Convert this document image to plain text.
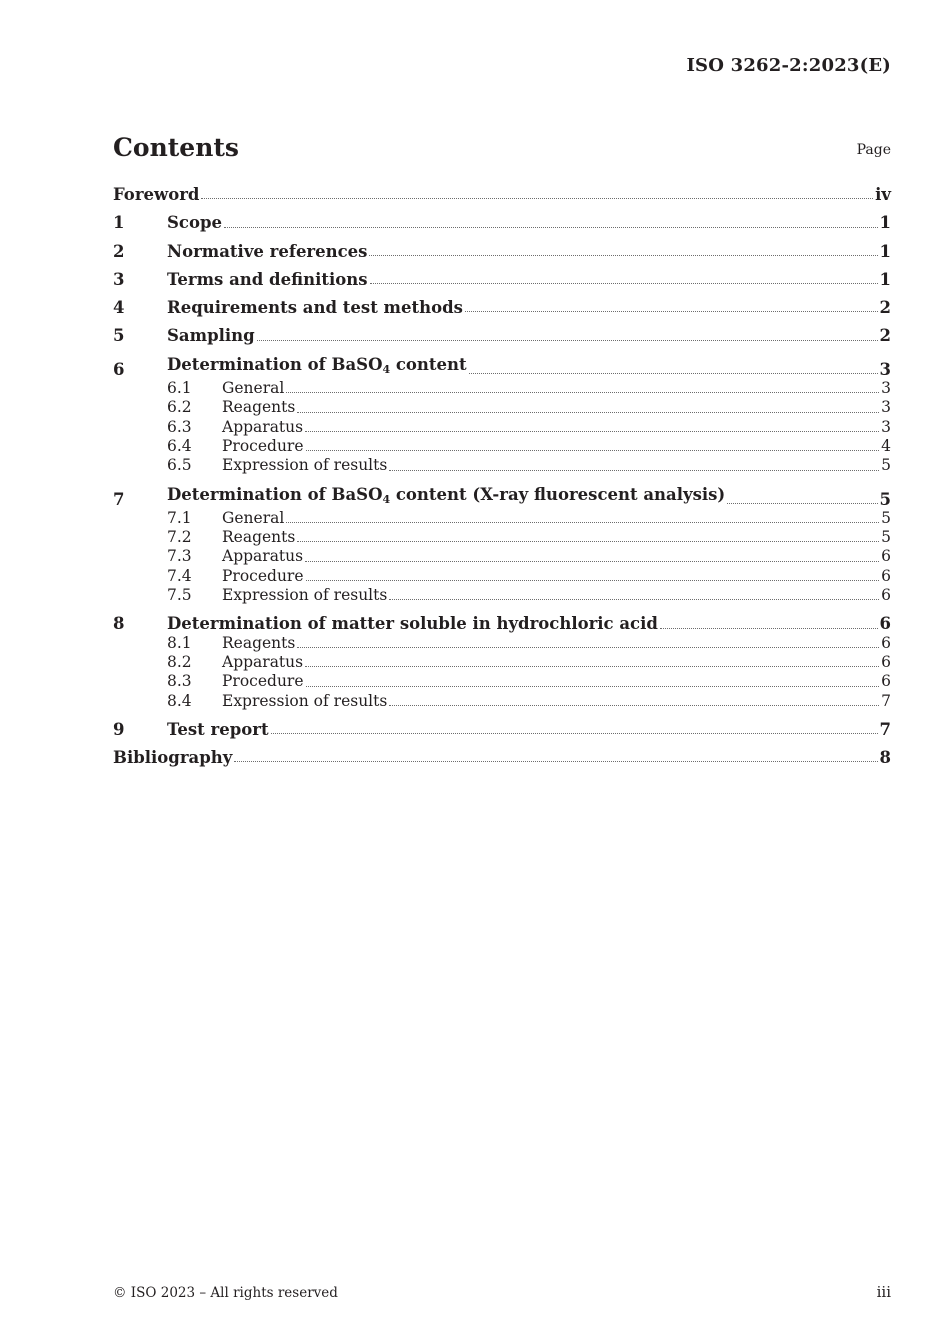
ISO 3262-2:2023(E)
Contents	Page
Foreword	iv
1	Scope	1
2	Normative references	1
3	Terms and definitions	1
4	Requirements and test methods	2
5	Sampling	2
6	Determination of BaSO$_4$ content	3
6.1	General	3
6.2	Reagents	3
6.3	Apparatus	3
6.4	Procedure	4
6.5	Expression of results	5
7	Determination of BaSO$_4$ content (X-ray fluorescent analysis)	5
7.1	General	5
7.2	Reagents	5
7.3	Apparatus	6
7.4	Procedure	6
7.5	Expression of results	6
8	Determination of matter soluble in hydrochloric acid	6
8.1	Reagents	6
8.2	Apparatus	6
8.3	Procedure	6
8.4	Expression of results	7
9	Test report	7
Bibliography	8
© ISO 2023 – All rights reserved	iii
